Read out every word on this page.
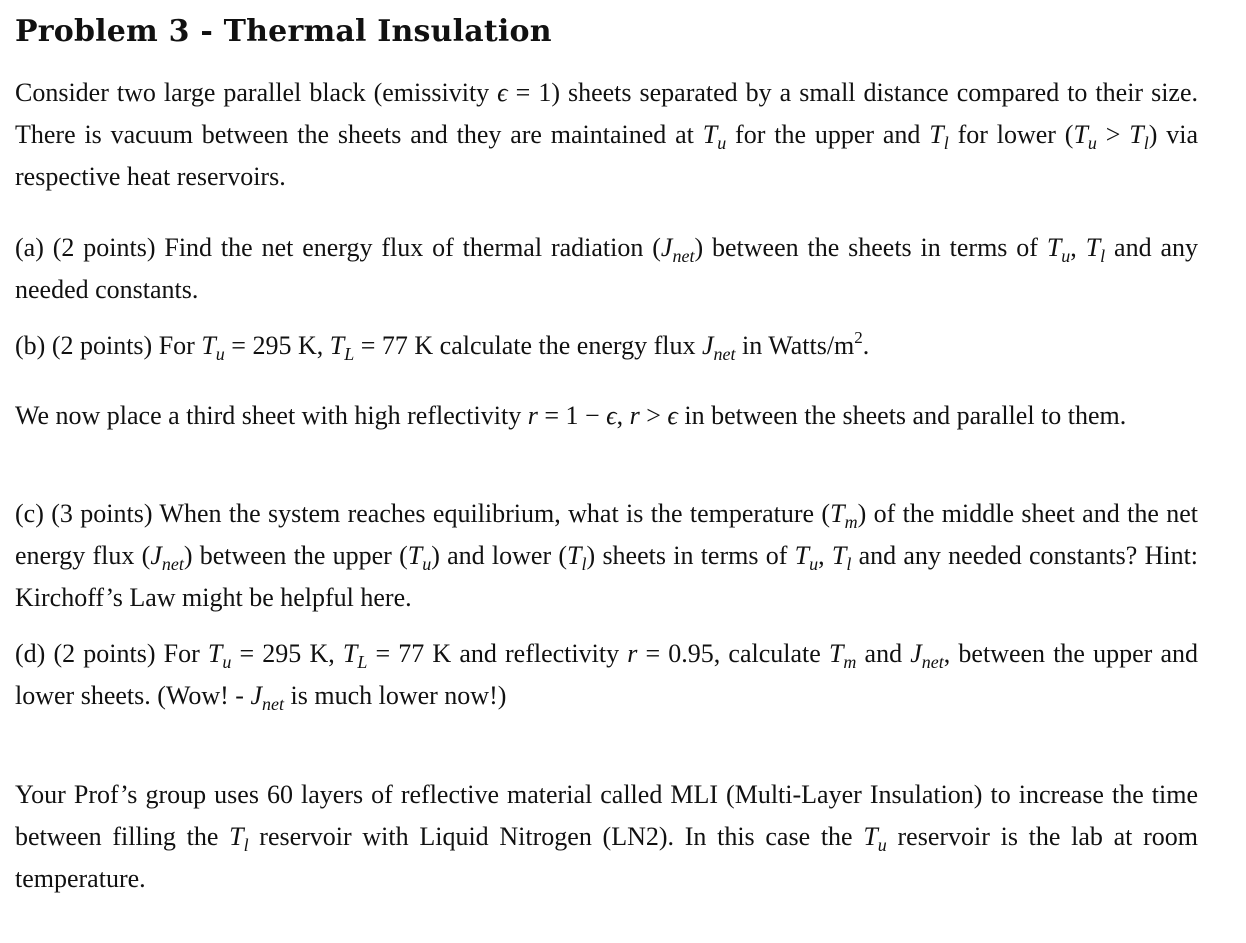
Problem 3 - Thermal Insulation

Consider two large parallel black (emissivity ϵ = 1) sheets separated by a small distance compared to their size. There is vacuum between the sheets and they are maintained at $T_u$ for the upper and $T_l$ for lower $(T_u > T_l)$ via respective heat reservoirs.

(a) (2 points) Find the net energy flux of thermal radiation $(J_{net})$ between the sheets in terms of $T_u$, $T_l$ and any needed constants.

(b) (2 points) For $T_u = 295$ K, $T_L = 77$ K calculate the energy flux $J_{net}$ in Watts/$m^2$.

We now place a third sheet with high reflectivity r = 1 − ϵ, r > ϵ in between the sheets and parallel to them.

(c) (3 points) When the system reaches equilibrium, what is the temperature $(T_m)$ of the middle sheet and the net energy flux $(J_{net})$ between the upper $(T_u)$ and lower $(T_l)$ sheets in terms of $T_u$, $T_l$ and any needed constants? Hint: Kirchoff’s Law might be helpful here.

(d) (2 points) For $T_u = 295$ K, $T_L = 77$ K and reflectivity r = 0.95, calculate $T_m$ and $J_{net}$, between the upper and lower sheets. (Wow! - $J_{net}$ is much lower now!)

Your Prof’s group uses 60 layers of reflective material called MLI (Multi-Layer Insulation) to increase the time between filling the $T_l$ reservoir with Liquid Nitrogen (LN2). In this case the $T_u$ reservoir is the lab at room temperature.
